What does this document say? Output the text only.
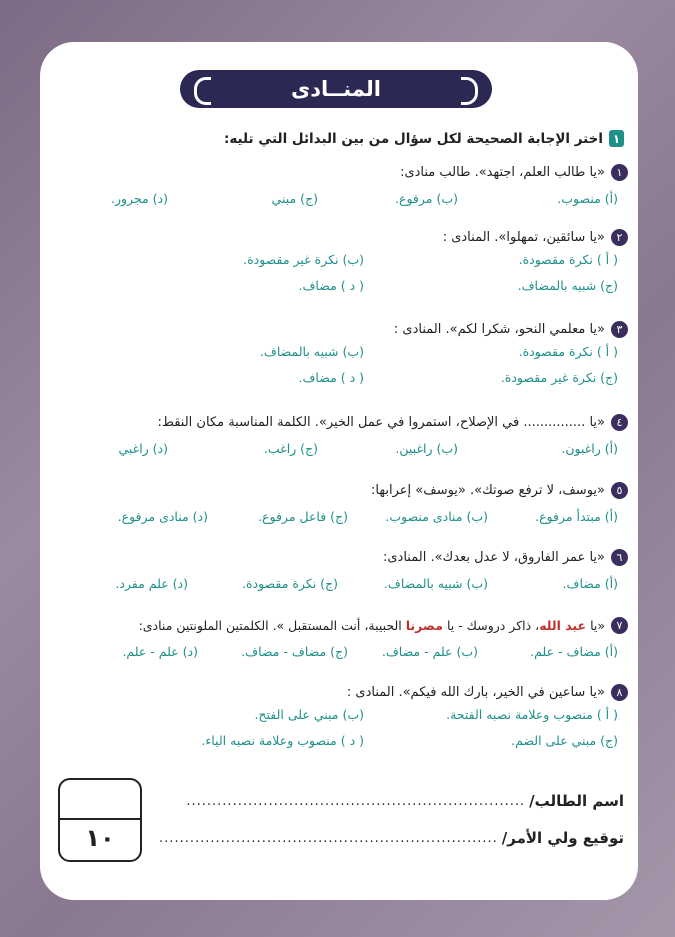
المنــادى
١
اختر الإجابة الصحيحة لكل سؤال من بين البدائل التي تليه:
١
«يا طالب العلم، اجتهد». طالب منادى:
(أ) منصوب.
(ب) مرفوع.
(ج) مبني
(د) مجرور.
٢
«يا سائقين، تمهلوا». المنادى :
( أ ) نكرة مقصودة.
(ب) نكرة غير مقصودة.
(ج) شبيه بالمضاف.
( د ) مضاف.
٣
«يا معلمي النحو، شكرا لكم». المنادى :
( أ ) نكرة مقصودة.
(ب) شبيه بالمضاف.
(ج) نكرة غير مقصودة.
( د ) مضاف.
٤
«يا ............... في الإصلاح، استمروا في عمل الخير». الكلمة المناسبة مكان النقط:
(أ) راغبون.
(ب) راغبين.
(ج) راغب.
(د) راغبي
٥
«يوسف، لا ترفع صوتك». «يوسف» إعرابها:
(أ) مبتدأ مرفوع.
(ب) منادى منصوب.
(ج) فاعل مرفوع.
(د) منادى مرفوع.
٦
«يا عمر الفاروق، لا عدل بعدك». المنادى:
(أ) مضاف.
(ب) شبيه بالمضاف.
(ج) نكرة مقصودة.
(د) علم مفرد.
٧
«يا عبد الله، ذاكر دروسك - يا مصرنا الحبيبة، أنت المستقبل ». الكلمتين الملونتين منادى:
(أ) مضاف - علم.
(ب) علم - مضاف.
(ج) مضاف - مضاف.
(د) علم - علم.
٨
«يا ساعين في الخير، بارك الله فيكم». المنادى :
( أ ) منصوب وعلامة نصبه الفتحة.
(ب) مبني على الفتح.
(ج) مبني على الضم.
( د ) منصوب وعلامة نصبه الياء.
اسم الطالب/
..................................................................
توقيع ولي الأمر/
..................................................................
١٠
